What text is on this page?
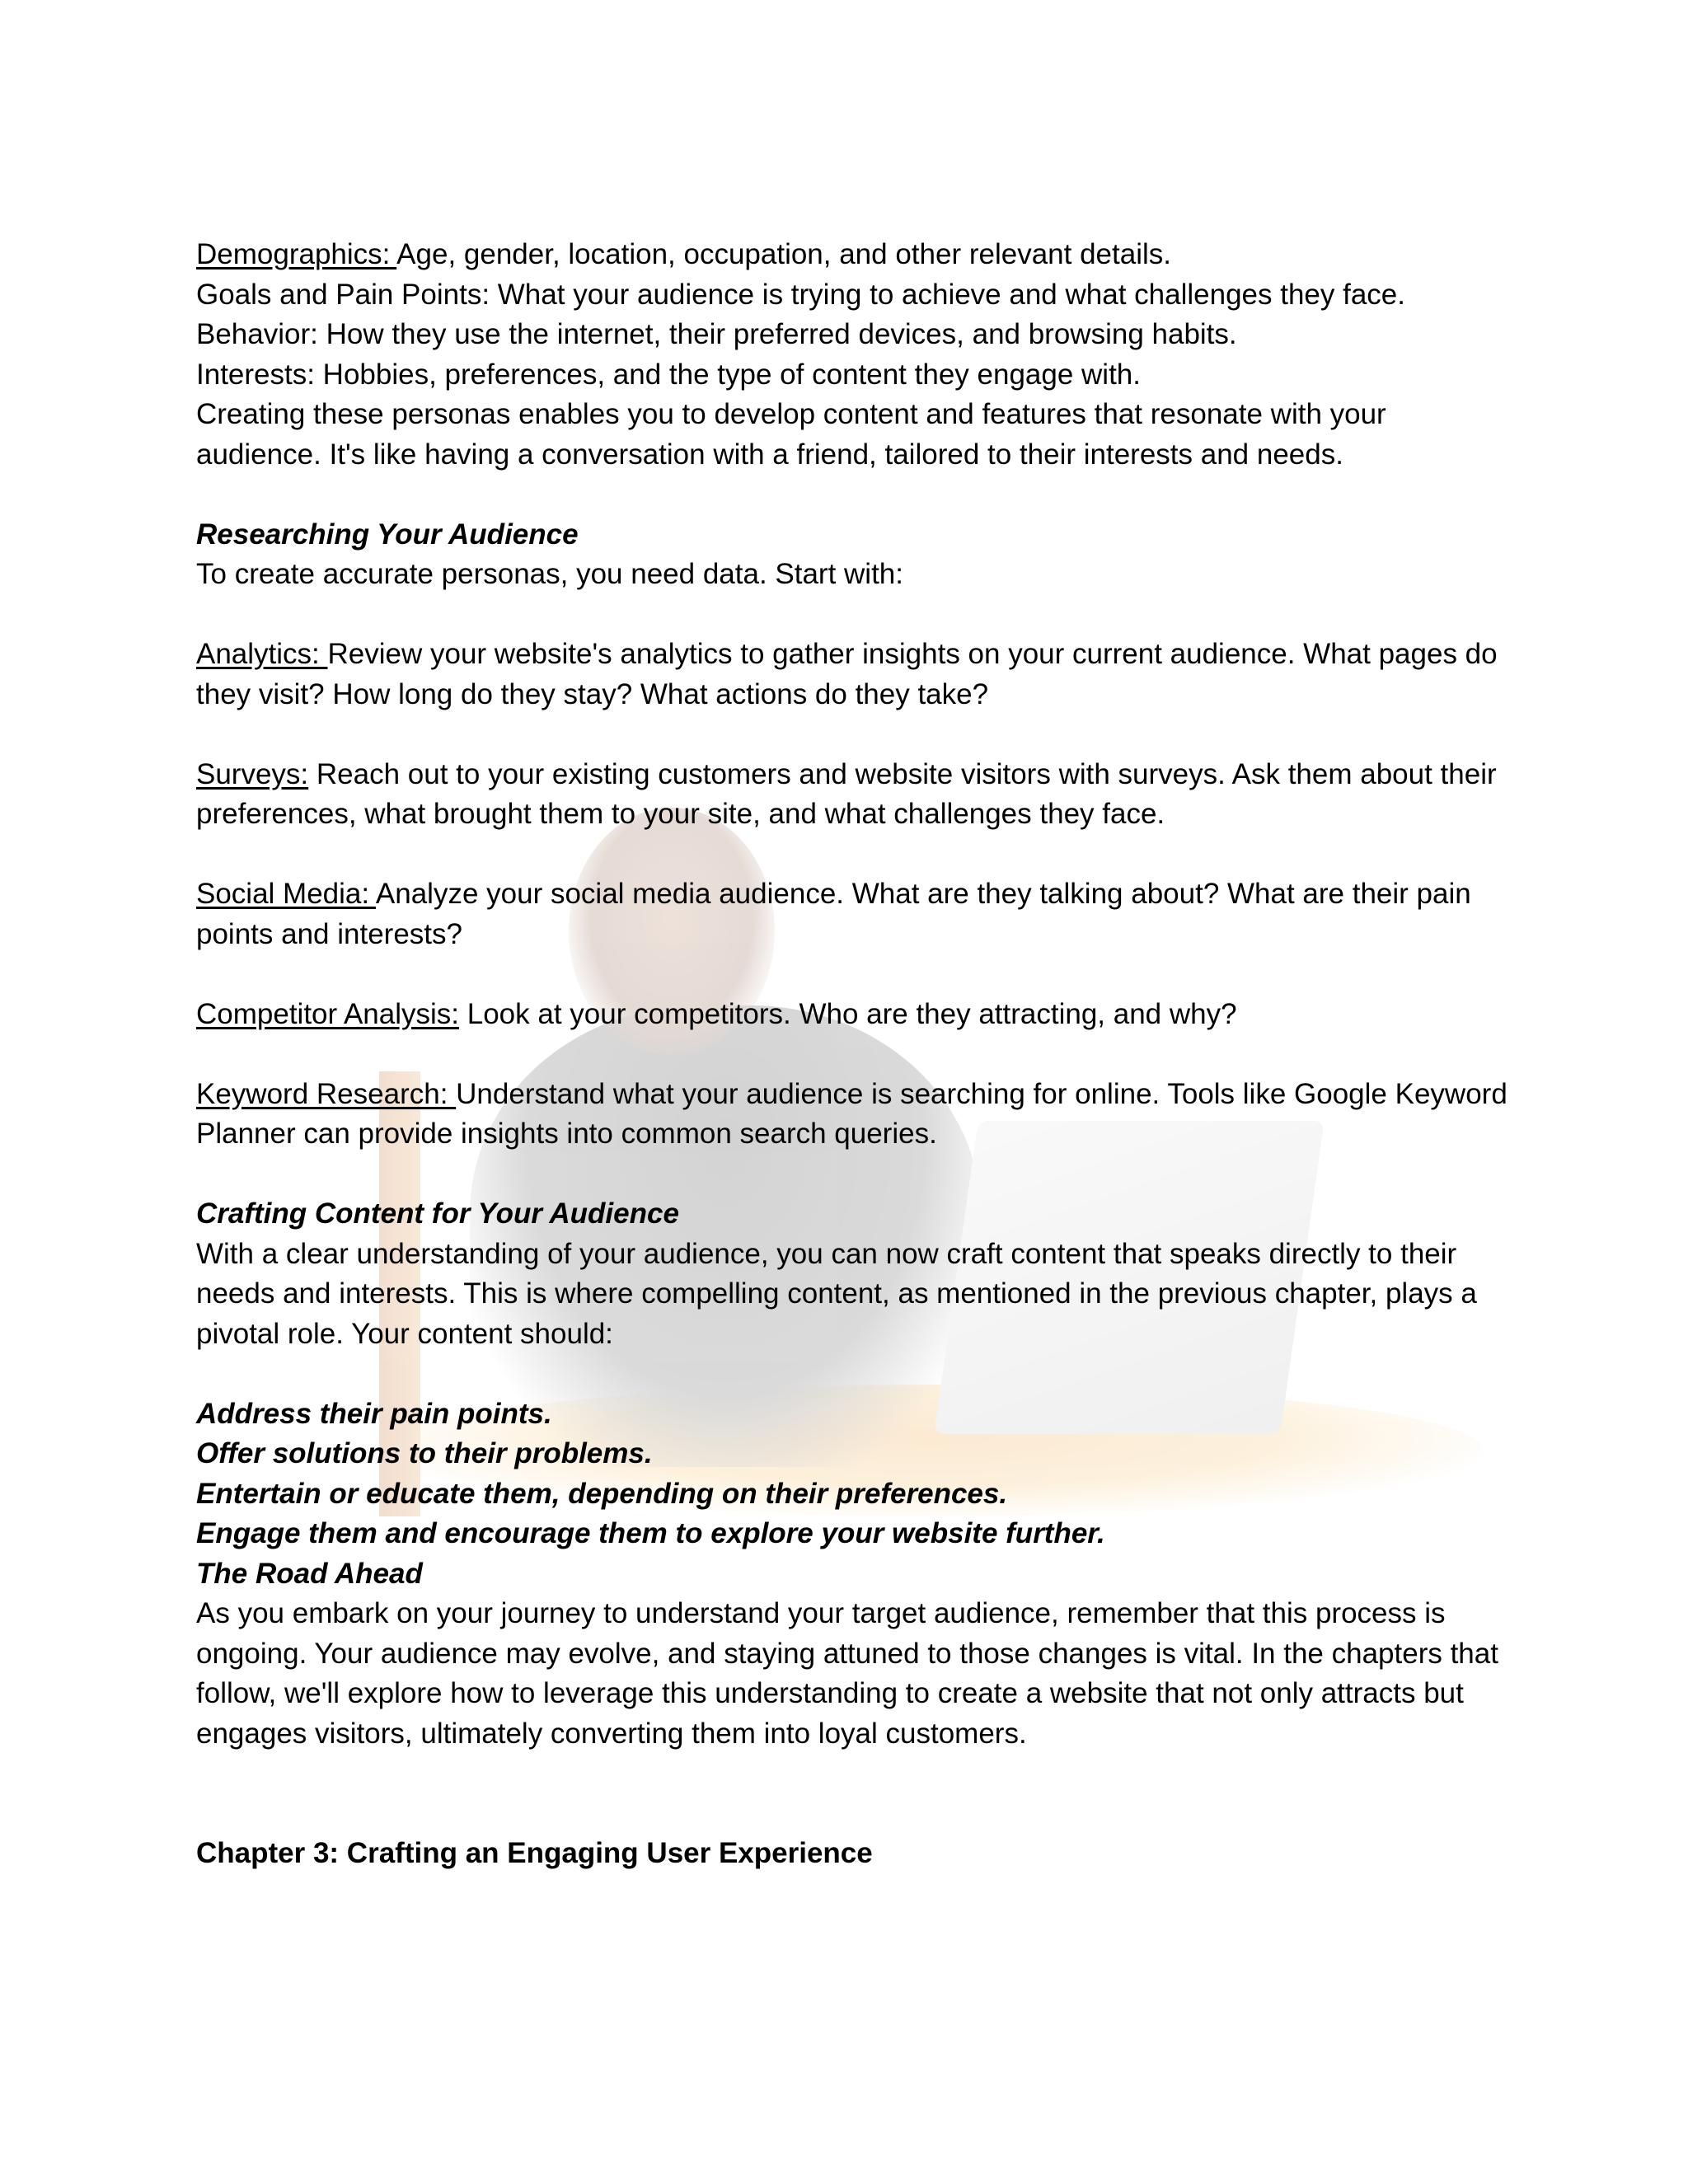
Demographics: Age, gender, location, occupation, and other relevant details.

Goals and Pain Points: What your audience is trying to achieve and what challenges they face.

Behavior: How they use the internet, their preferred devices, and browsing habits.

Interests: Hobbies, preferences, and the type of content they engage with.

Creating these personas enables you to develop content and features that resonate with your audience. It's like having a conversation with a friend, tailored to their interests and needs.

Researching Your Audience

To create accurate personas, you need data. Start with:

Analytics: Review your website's analytics to gather insights on your current audience. What pages do they visit? How long do they stay? What actions do they take?

Surveys: Reach out to your existing customers and website visitors with surveys. Ask them about their preferences, what brought them to your site, and what challenges they face.

Social Media: Analyze your social media audience. What are they talking about? What are their pain points and interests?

Competitor Analysis: Look at your competitors. Who are they attracting, and why?

Keyword Research: Understand what your audience is searching for online. Tools like Google Keyword Planner can provide insights into common search queries.

Crafting Content for Your Audience

With a clear understanding of your audience, you can now craft content that speaks directly to their needs and interests. This is where compelling content, as mentioned in the previous chapter, plays a pivotal role. Your content should:

Address their pain points.

Offer solutions to their problems.

Entertain or educate them, depending on their preferences.

Engage them and encourage them to explore your website further.

The Road Ahead

As you embark on your journey to understand your target audience, remember that this process is ongoing. Your audience may evolve, and staying attuned to those changes is vital. In the chapters that follow, we'll explore how to leverage this understanding to create a website that not only attracts but engages visitors, ultimately converting them into loyal customers.

Chapter 3: Crafting an Engaging User Experience
